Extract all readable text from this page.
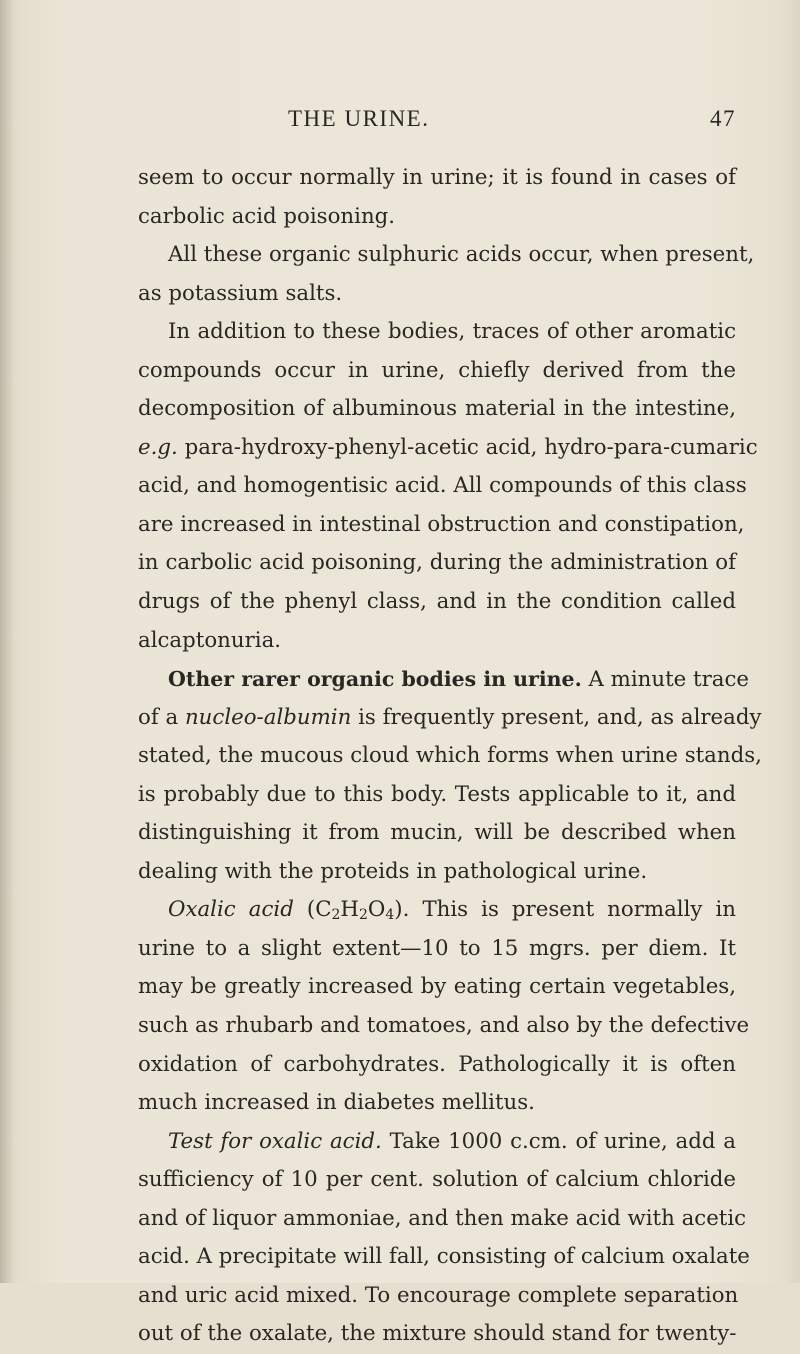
THE URINE.	47
seem to occur normally in urine; it is found in cases of
carbolic acid poisoning.
All these organic sulphuric acids occur, when present,
as potassium salts.
In addition to these bodies, traces of other aromatic
compounds occur in urine, chiefly derived from the
decomposition of albuminous material in the intestine,
e.g. para-hydroxy-phenyl-acetic acid, hydro-para-cumaric
acid, and homogentisic acid. All compounds of this class
are increased in intestinal obstruction and constipation,
in carbolic acid poisoning, during the administration of
drugs of the phenyl class, and in the condition called
alcaptonuria.
Other rarer organic bodies in urine. A minute trace
of a nucleo-albumin is frequently present, and, as already
stated, the mucous cloud which forms when urine stands,
is probably due to this body. Tests applicable to it, and
distinguishing it from mucin, will be described when
dealing with the proteids in pathological urine.
Oxalic acid $(C_2H_2O_4)$. This is present normally in
urine to a slight extent—10 to 15 mgrs. per diem. It
may be greatly increased by eating certain vegetables,
such as rhubarb and tomatoes, and also by the defective
oxidation of carbohydrates. Pathologically it is often
much increased in diabetes mellitus.
Test for oxalic acid. Take 1000 c.cm. of urine, add a
sufficiency of 10 per cent. solution of calcium chloride
and of liquor ammoniae, and then make acid with acetic
acid. A precipitate will fall, consisting of calcium oxalate
and uric acid mixed. To encourage complete separation
out of the oxalate, the mixture should stand for twenty-
